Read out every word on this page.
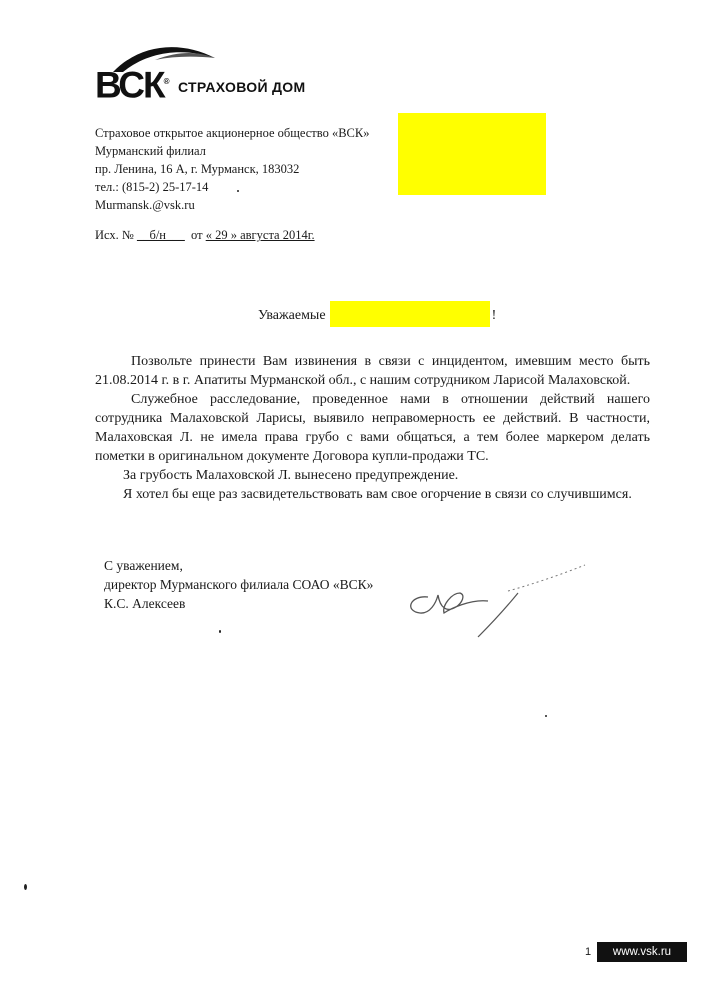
ВСК® СТРАХОВОЙ ДОМ
Страховое открытое акционерное общество «ВСК»
Мурманский филиал
пр. Ленина, 16 А, г. Мурманск, 183032
тел.: (815-2) 25-17-14
Murmansk.@vsk.ru
Исх. № __б/н___ от « 29 » августа 2014г.
Уважаемые	!

Позвольте принести Вам извинения в связи с инцидентом, имевшим место быть 21.08.2014 г. в г. Апатиты Мурманской обл., с нашим сотрудником Ларисой Малаховской.

Служебное расследование, проведенное нами в отношении действий нашего сотрудника Малаховской Ларисы, выявило неправомерность ее действий. В частности, Малаховская Л. не имела права грубо с вами общаться, а тем более маркером делать пометки в оригинальном документе Договора купли-продажи ТС.

За грубость Малаховской Л. вынесено предупреждение.

Я хотел бы еще раз засвидетельствовать вам свое огорчение в связи со случившимся.

С уважением,
директор Мурманского филиала СОАО «ВСК»
К.С. Алексеев
1	www.vsk.ru
